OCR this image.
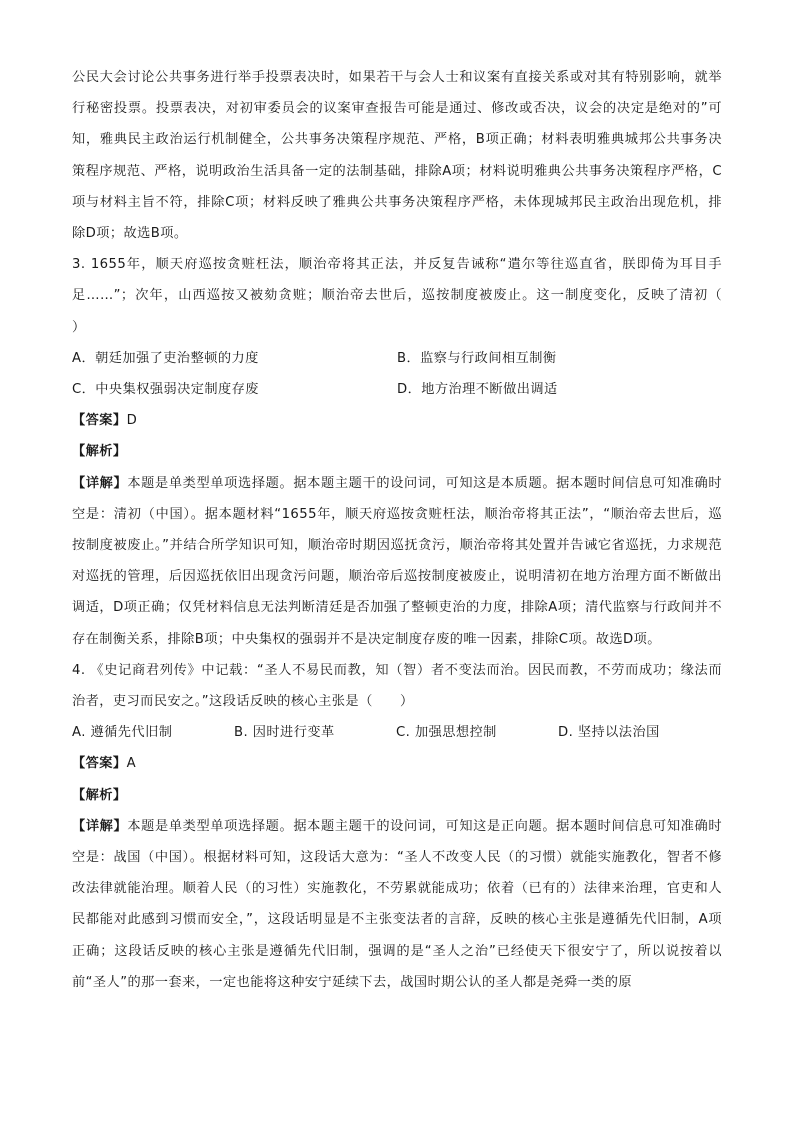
公民大会讨论公共事务进行举手投票表决时，如果若干与会人士和议案有直接关系或对其有特别影响，就举行秘密投票。投票表决，对初审委员会的议案审查报告可能是通过、修改或否决，议会的决定是绝对的”可知，雅典民主政治运行机制健全，公共事务决策程序规范、严格，B项正确；材料表明雅典城邦公共事务决策程序规范、严格，说明政治生活具备一定的法制基础，排除A项；材料说明雅典公共事务决策程序严格，C项与材料主旨不符，排除C项；材料反映了雅典公共事务决策程序严格，未体现城邦民主政治出现危机，排除D项；故选B项。

3. 1655年，顺天府巡按贪赃枉法，顺治帝将其正法，并反复告诫称“遣尔等往巡直省，朕即倚为耳目手足……”；次年，山西巡按又被劾贪赃；顺治帝去世后，巡按制度被废止。这一制度变化，反映了清初（　　）

A．朝廷加强了吏治整顿的力度	B．监察与行政间相互制衡
C．中央集权强弱决定制度存废	D．地方治理不断做出调适

【答案】D

【解析】

【详解】本题是单类型单项选择题。据本题主题干的设问词，可知这是本质题。据本题时间信息可知准确时空是：清初（中国）。据本题材料“1655年，顺天府巡按贪赃枉法，顺治帝将其正法”，“顺治帝去世后，巡按制度被废止。”并结合所学知识可知，顺治帝时期因巡抚贪污，顺治帝将其处置并告诫它省巡抚，力求规范对巡抚的管理，后因巡抚依旧出现贪污问题，顺治帝后巡按制度被废止，说明清初在地方治理方面不断做出调适，D项正确；仅凭材料信息无法判断清廷是否加强了整顿吏治的力度，排除A项；清代监察与行政间并不存在制衡关系，排除B项；中央集权的强弱并不是决定制度存废的唯一因素，排除C项。故选D项。

4. 《史记商君列传》中记载：“圣人不易民而教，知（智）者不变法而治。因民而教，不劳而成功；缘法而治者，吏习而民安之。”这段话反映的核心主张是（　　）

A. 遵循先代旧制	B. 因时进行变革	C. 加强思想控制	D. 坚持以法治国

【答案】A

【解析】

【详解】本题是单类型单项选择题。据本题主题干的设问词，可知这是正向题。据本题时间信息可知准确时空是：战国（中国）。根据材料可知，这段话大意为：“圣人不改变人民（的习惯）就能实施教化，智者不修改法律就能治理。顺着人民（的习性）实施教化，不劳累就能成功；依着（已有的）法律来治理，官吏和人民都能对此感到习惯而安全，”，这段话明显是不主张变法者的言辞，反映的核心主张是遵循先代旧制，A项正确；这段话反映的核心主张是遵循先代旧制，强调的是“圣人之治”已经使天下很安宁了，所以说按着以前“圣人”的那一套来，一定也能将这种安宁延续下去，战国时期公认的圣人都是尧舜一类的原
